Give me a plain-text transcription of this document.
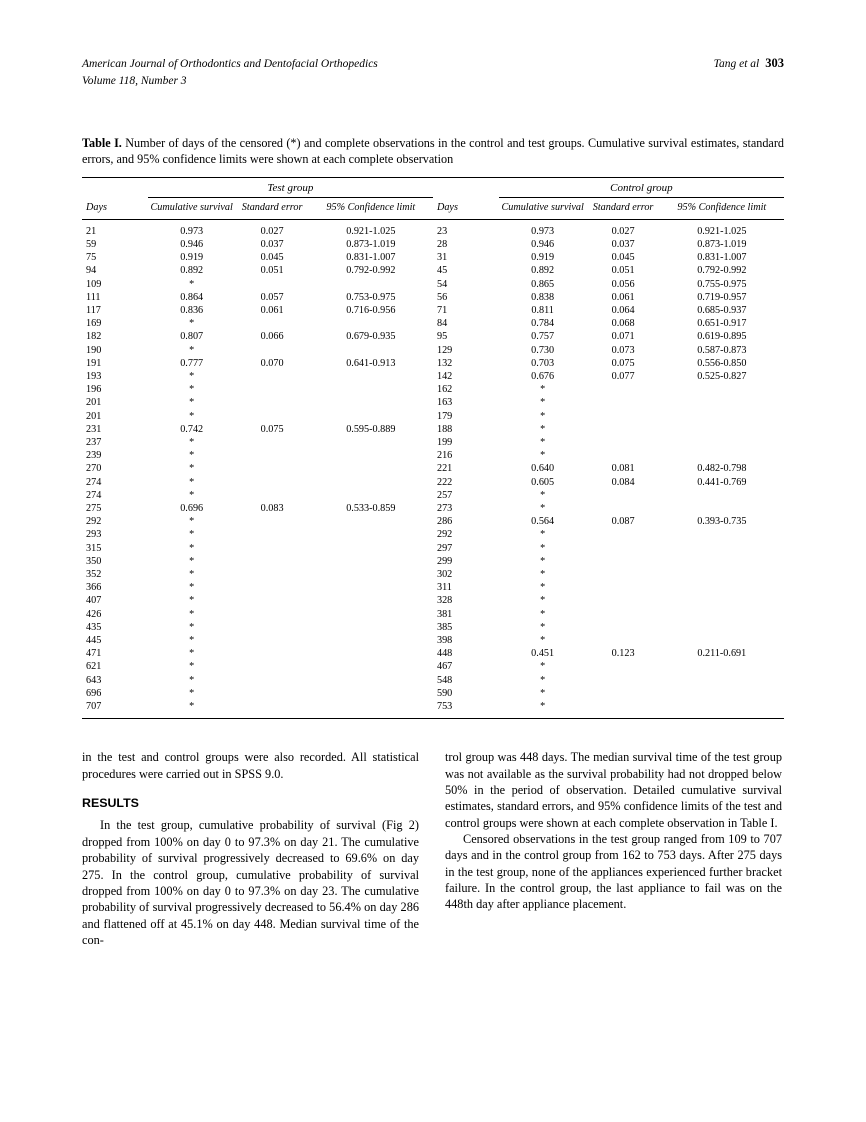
American Journal of Orthodontics and Dentofacial Orthopedics
Volume 118, Number 3
Tang et al 303
Table I. Number of days of the censored (*) and complete observations in the control and test groups. Cumulative survival estimates, standard errors, and 95% confidence limits were shown at each complete observation
	Test group				Control group		
Days	Cumulative survival	Standard error	95% Confidence limit	Days	Cumulative survival	Standard error	95% Confidence limit

21	0.973	0.027	0.921-1.025	23	0.973	0.027	0.921-1.025
59	0.946	0.037	0.873-1.019	28	0.946	0.037	0.873-1.019
75	0.919	0.045	0.831-1.007	31	0.919	0.045	0.831-1.007
94	0.892	0.051	0.792-0.992	45	0.892	0.051	0.792-0.992
109	*			54	0.865	0.056	0.755-0.975
111	0.864	0.057	0.753-0.975	56	0.838	0.061	0.719-0.957
117	0.836	0.061	0.716-0.956	71	0.811	0.064	0.685-0.937
169	*			84	0.784	0.068	0.651-0.917
182	0.807	0.066	0.679-0.935	95	0.757	0.071	0.619-0.895
190	*			129	0.730	0.073	0.587-0.873
191	0.777	0.070	0.641-0.913	132	0.703	0.075	0.556-0.850
193	*			142	0.676	0.077	0.525-0.827
196	*			162	*		
201	*			163	*		
201	*			179	*		
231	0.742	0.075	0.595-0.889	188	*		
237	*			199	*		
239	*			216	*		
270	*			221	0.640	0.081	0.482-0.798
274	*			222	0.605	0.084	0.441-0.769
274	*			257	*		
275	0.696	0.083	0.533-0.859	273	*		
292	*			286	0.564	0.087	0.393-0.735
293	*			292	*		
315	*			297	*		
350	*			299	*		
352	*			302	*		
366	*			311	*		
407	*			328	*		
426	*			381	*		
435	*			385	*		
445	*			398	*		
471	*			448	0.451	0.123	0.211-0.691
621	*			467	*		
643	*			548	*		
696	*			590	*		
707	*			753	*		

in the test and control groups were also recorded. All statistical procedures were carried out in SPSS 9.0.

RESULTS

In the test group, cumulative probability of survival (Fig 2) dropped from 100% on day 0 to 97.3% on day 21. The cumulative probability of survival progressively decreased to 69.6% on day 275. In the control group, cumulative probability of survival dropped from 100% on day 0 to 97.3% on day 23. The cumulative probability of survival progressively decreased to 56.4% on day 286 and flattened off at 45.1% on day 448. Median survival time of the con-

trol group was 448 days. The median survival time of the test group was not available as the survival probability had not dropped below 50% in the period of observation. Detailed cumulative survival estimates, standard errors, and 95% confidence limits of the test and control groups were shown at each complete observation in Table I.

Censored observations in the test group ranged from 109 to 707 days and in the control group from 162 to 753 days. After 275 days in the test group, none of the appliances experienced further bracket failure. In the control group, the last appliance to fail was on the 448th day after appliance placement.
